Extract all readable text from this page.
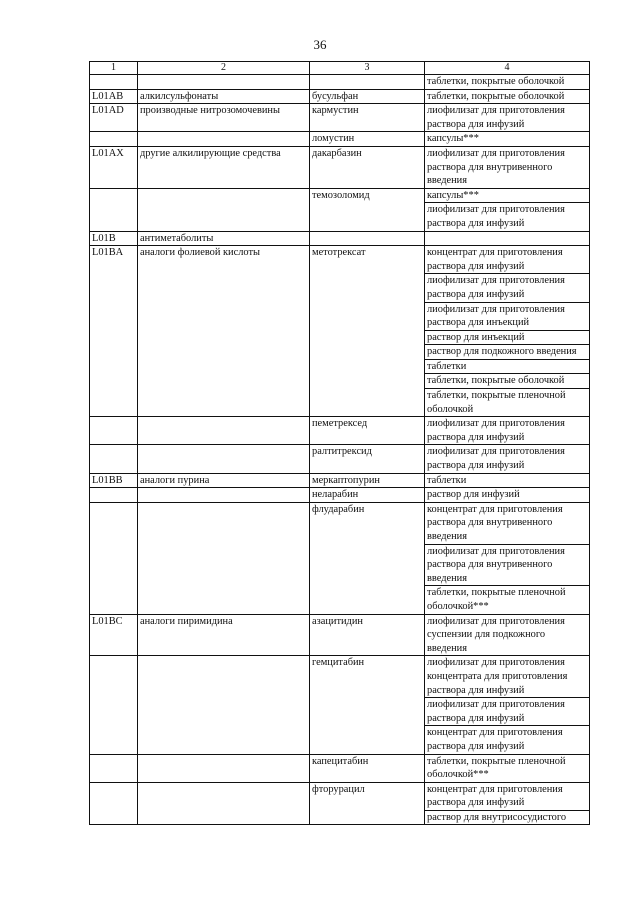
36
1	2	3	4
			таблетки, покрытые оболочкой
L01AB	алкилсульфонаты	бусульфан	таблетки, покрытые оболочкой
L01AD	производные нитрозомочевины	кармустин	лиофилизат для приготовления раствора для инфузий
		ломустин	капсулы***
L01AX	другие алкилирующие средства	дакарбазин	лиофилизат для приготовления раствора для внутривенного введения
		темозоломид	капсулы***
			лиофилизат для приготовления раствора для инфузий
L01B	антиметаболиты		
L01BA	аналоги фолиевой кислоты	метотрексат	концентрат для приготовления раствора для инфузий
			лиофилизат для приготовления раствора для инфузий
			лиофилизат для приготовления раствора для инъекций
			раствор для инъекций
			раствор для подкожного введения
			таблетки
			таблетки, покрытые оболочкой
			таблетки, покрытые пленочной оболочкой
		пеметрексед	лиофилизат для приготовления раствора для инфузий
		ралтитрексид	лиофилизат для приготовления раствора для инфузий
L01BB	аналоги пурина	меркаптопурин	таблетки
		неларабин	раствор для инфузий
		флударабин	концентрат для приготовления раствора для внутривенного введения
			лиофилизат для приготовления раствора для внутривенного введения
			таблетки, покрытые пленочной оболочкой***
L01BC	аналоги пиримидина	азацитидин	лиофилизат для приготовления суспензии для подкожного введения
		гемцитабин	лиофилизат для приготовления концентрата для приготовления раствора для инфузий
			лиофилизат для приготовления раствора для инфузий
			концентрат для приготовления раствора для инфузий
		капецитабин	таблетки, покрытые пленочной оболочкой***
		фторурацил	концентрат для приготовления раствора для инфузий
			раствор для внутрисосудистого
